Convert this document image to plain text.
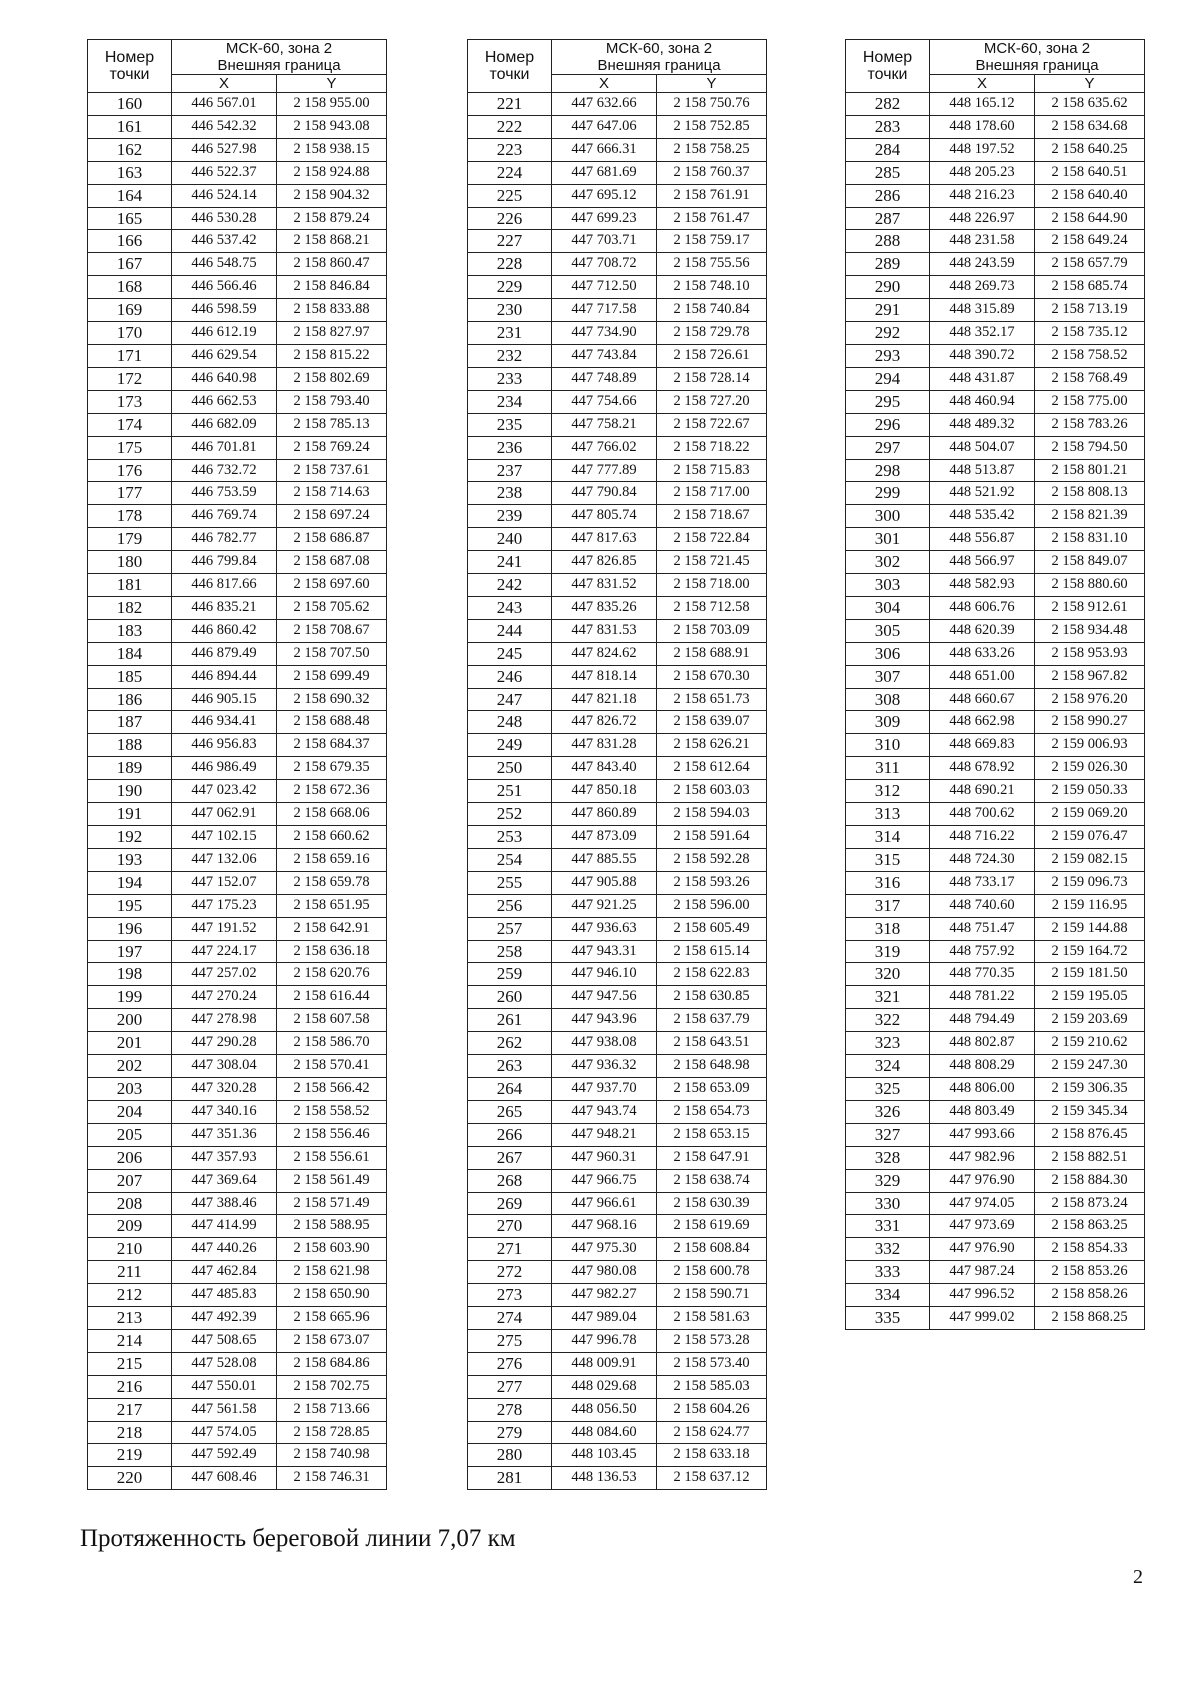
Номер
точки	МСК-60, зона 2	
	Внешняя граница	
	X	Y
160	446 567.01	2 158 955.00
161	446 542.32	2 158 943.08
162	446 527.98	2 158 938.15
163	446 522.37	2 158 924.88
164	446 524.14	2 158 904.32
165	446 530.28	2 158 879.24
166	446 537.42	2 158 868.21
167	446 548.75	2 158 860.47
168	446 566.46	2 158 846.84
169	446 598.59	2 158 833.88
170	446 612.19	2 158 827.97
171	446 629.54	2 158 815.22
172	446 640.98	2 158 802.69
173	446 662.53	2 158 793.40
174	446 682.09	2 158 785.13
175	446 701.81	2 158 769.24
176	446 732.72	2 158 737.61
177	446 753.59	2 158 714.63
178	446 769.74	2 158 697.24
179	446 782.77	2 158 686.87
180	446 799.84	2 158 687.08
181	446 817.66	2 158 697.60
182	446 835.21	2 158 705.62
183	446 860.42	2 158 708.67
184	446 879.49	2 158 707.50
185	446 894.44	2 158 699.49
186	446 905.15	2 158 690.32
187	446 934.41	2 158 688.48
188	446 956.83	2 158 684.37
189	446 986.49	2 158 679.35
190	447 023.42	2 158 672.36
191	447 062.91	2 158 668.06
192	447 102.15	2 158 660.62
193	447 132.06	2 158 659.16
194	447 152.07	2 158 659.78
195	447 175.23	2 158 651.95
196	447 191.52	2 158 642.91
197	447 224.17	2 158 636.18
198	447 257.02	2 158 620.76
199	447 270.24	2 158 616.44
200	447 278.98	2 158 607.58
201	447 290.28	2 158 586.70
202	447 308.04	2 158 570.41
203	447 320.28	2 158 566.42
204	447 340.16	2 158 558.52
205	447 351.36	2 158 556.46
206	447 357.93	2 158 556.61
207	447 369.64	2 158 561.49
208	447 388.46	2 158 571.49
209	447 414.99	2 158 588.95
210	447 440.26	2 158 603.90
211	447 462.84	2 158 621.98
212	447 485.83	2 158 650.90
213	447 492.39	2 158 665.96
214	447 508.65	2 158 673.07
215	447 528.08	2 158 684.86
216	447 550.01	2 158 702.75
217	447 561.58	2 158 713.66
218	447 574.05	2 158 728.85
219	447 592.49	2 158 740.98
220	447 608.46	2 158 746.31
Номер
точки	МСК-60, зона 2	
	Внешняя граница	
	X	Y
221	447 632.66	2 158 750.76
222	447 647.06	2 158 752.85
223	447 666.31	2 158 758.25
224	447 681.69	2 158 760.37
225	447 695.12	2 158 761.91
226	447 699.23	2 158 761.47
227	447 703.71	2 158 759.17
228	447 708.72	2 158 755.56
229	447 712.50	2 158 748.10
230	447 717.58	2 158 740.84
231	447 734.90	2 158 729.78
232	447 743.84	2 158 726.61
233	447 748.89	2 158 728.14
234	447 754.66	2 158 727.20
235	447 758.21	2 158 722.67
236	447 766.02	2 158 718.22
237	447 777.89	2 158 715.83
238	447 790.84	2 158 717.00
239	447 805.74	2 158 718.67
240	447 817.63	2 158 722.84
241	447 826.85	2 158 721.45
242	447 831.52	2 158 718.00
243	447 835.26	2 158 712.58
244	447 831.53	2 158 703.09
245	447 824.62	2 158 688.91
246	447 818.14	2 158 670.30
247	447 821.18	2 158 651.73
248	447 826.72	2 158 639.07
249	447 831.28	2 158 626.21
250	447 843.40	2 158 612.64
251	447 850.18	2 158 603.03
252	447 860.89	2 158 594.03
253	447 873.09	2 158 591.64
254	447 885.55	2 158 592.28
255	447 905.88	2 158 593.26
256	447 921.25	2 158 596.00
257	447 936.63	2 158 605.49
258	447 943.31	2 158 615.14
259	447 946.10	2 158 622.83
260	447 947.56	2 158 630.85
261	447 943.96	2 158 637.79
262	447 938.08	2 158 643.51
263	447 936.32	2 158 648.98
264	447 937.70	2 158 653.09
265	447 943.74	2 158 654.73
266	447 948.21	2 158 653.15
267	447 960.31	2 158 647.91
268	447 966.75	2 158 638.74
269	447 966.61	2 158 630.39
270	447 968.16	2 158 619.69
271	447 975.30	2 158 608.84
272	447 980.08	2 158 600.78
273	447 982.27	2 158 590.71
274	447 989.04	2 158 581.63
275	447 996.78	2 158 573.28
276	448 009.91	2 158 573.40
277	448 029.68	2 158 585.03
278	448 056.50	2 158 604.26
279	448 084.60	2 158 624.77
280	448 103.45	2 158 633.18
281	448 136.53	2 158 637.12
Номер
точки	МСК-60, зона 2	
	Внешняя граница	
	X	Y
282	448 165.12	2 158 635.62
283	448 178.60	2 158 634.68
284	448 197.52	2 158 640.25
285	448 205.23	2 158 640.51
286	448 216.23	2 158 640.40
287	448 226.97	2 158 644.90
288	448 231.58	2 158 649.24
289	448 243.59	2 158 657.79
290	448 269.73	2 158 685.74
291	448 315.89	2 158 713.19
292	448 352.17	2 158 735.12
293	448 390.72	2 158 758.52
294	448 431.87	2 158 768.49
295	448 460.94	2 158 775.00
296	448 489.32	2 158 783.26
297	448 504.07	2 158 794.50
298	448 513.87	2 158 801.21
299	448 521.92	2 158 808.13
300	448 535.42	2 158 821.39
301	448 556.87	2 158 831.10
302	448 566.97	2 158 849.07
303	448 582.93	2 158 880.60
304	448 606.76	2 158 912.61
305	448 620.39	2 158 934.48
306	448 633.26	2 158 953.93
307	448 651.00	2 158 967.82
308	448 660.67	2 158 976.20
309	448 662.98	2 158 990.27
310	448 669.83	2 159 006.93
311	448 678.92	2 159 026.30
312	448 690.21	2 159 050.33
313	448 700.62	2 159 069.20
314	448 716.22	2 159 076.47
315	448 724.30	2 159 082.15
316	448 733.17	2 159 096.73
317	448 740.60	2 159 116.95
318	448 751.47	2 159 144.88
319	448 757.92	2 159 164.72
320	448 770.35	2 159 181.50
321	448 781.22	2 159 195.05
322	448 794.49	2 159 203.69
323	448 802.87	2 159 210.62
324	448 808.29	2 159 247.30
325	448 806.00	2 159 306.35
326	448 803.49	2 159 345.34
327	447 993.66	2 158 876.45
328	447 982.96	2 158 882.51
329	447 976.90	2 158 884.30
330	447 974.05	2 158 873.24
331	447 973.69	2 158 863.25
332	447 976.90	2 158 854.33
333	447 987.24	2 158 853.26
334	447 996.52	2 158 858.26
335	447 999.02	2 158 868.25
Протяженность береговой линии 7,07 км
2
